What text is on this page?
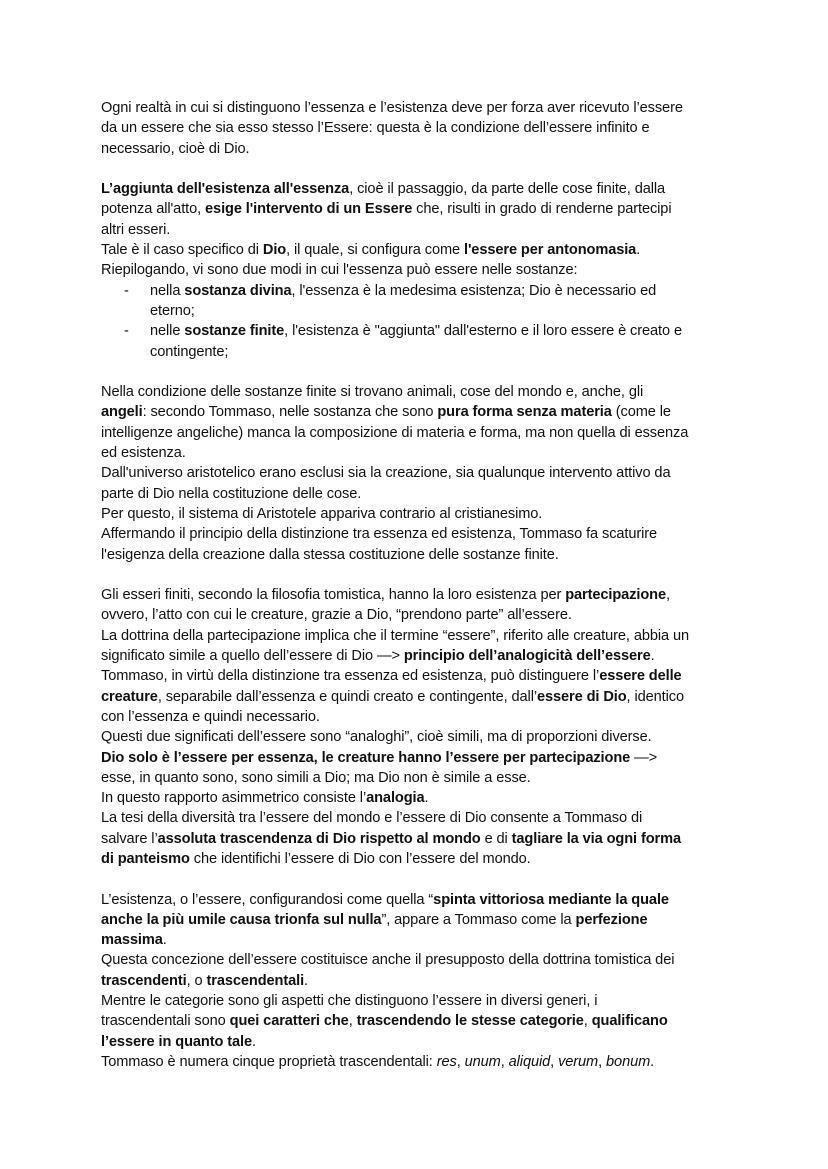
Ogni realtà in cui si distinguono l’essenza e l’esistenza deve per forza aver ricevuto l’essere
da un essere che sia esso stesso l’Essere: questa è la condizione dell’essere infinito e
necessario, cioè di Dio.
L’aggiunta dell'esistenza all'essenza, cioè il passaggio, da parte delle cose finite, dalla
potenza all'atto, esige l'intervento di un Essere che, risulti in grado di renderne partecipi
altri esseri.
Tale è il caso specifico di Dio, il quale, si configura come l'essere per antonomasia.
Riepilogando, vi sono due modi in cui l'essenza può essere nelle sostanze:
- nella sostanza divina, l'essenza è la medesima esistenza; Dio è necessario ed
eterno;
- nelle sostanze finite, l'esistenza è "aggiunta" dall'esterno e il loro essere è creato e
contingente;
Nella condizione delle sostanze finite si trovano animali, cose del mondo e, anche, gli
angeli: secondo Tommaso, nelle sostanza che sono pura forma senza materia (come le
intelligenze angeliche) manca la composizione di materia e forma, ma non quella di essenza
ed esistenza.
Dall'universo aristotelico erano esclusi sia la creazione, sia qualunque intervento attivo da
parte di Dio nella costituzione delle cose.
Per questo, il sistema di Aristotele appariva contrario al cristianesimo.
Affermando il principio della distinzione tra essenza ed esistenza, Tommaso fa scaturire
l'esigenza della creazione dalla stessa costituzione delle sostanze finite.
Gli esseri finiti, secondo la filosofia tomistica, hanno la loro esistenza per partecipazione,
ovvero, l’atto con cui le creature, grazie a Dio, “prendono parte” all’essere.
La dottrina della partecipazione implica che il termine “essere”, riferito alle creature, abbia un
significato simile a quello dell’essere di Dio —> principio dell’analogicità dell’essere.
Tommaso, in virtù della distinzione tra essenza ed esistenza, può distinguere l’essere delle
creature, separabile dall’essenza e quindi creato e contingente, dall’essere di Dio, identico
con l’essenza e quindi necessario.
Questi due significati dell’essere sono “analoghi”, cioè simili, ma di proporzioni diverse.
Dio solo è l’essere per essenza, le creature hanno l’essere per partecipazione —>
esse, in quanto sono, sono simili a Dio; ma Dio non è simile a esse.
In questo rapporto asimmetrico consiste l’analogia.
La tesi della diversità tra l’essere del mondo e l’essere di Dio consente a Tommaso di
salvare l’assoluta trascendenza di Dio rispetto al mondo e di tagliare la via ogni forma
di panteismo che identifichi l’essere di Dio con l’essere del mondo.
L’esistenza, o l’essere, configurandosi come quella “spinta vittoriosa mediante la quale
anche la più umile causa trionfa sul nulla”, appare a Tommaso come la perfezione
massima.
Questa concezione dell’essere costituisce anche il presupposto della dottrina tomistica dei
trascendenti, o trascendentali.
Mentre le categorie sono gli aspetti che distinguono l’essere in diversi generi, i
trascendentali sono quei caratteri che, trascendendo le stesse categorie, qualificano
l’essere in quanto tale.
Tommaso è numera cinque proprietà trascendentali: res, unum, aliquid, verum, bonum.
